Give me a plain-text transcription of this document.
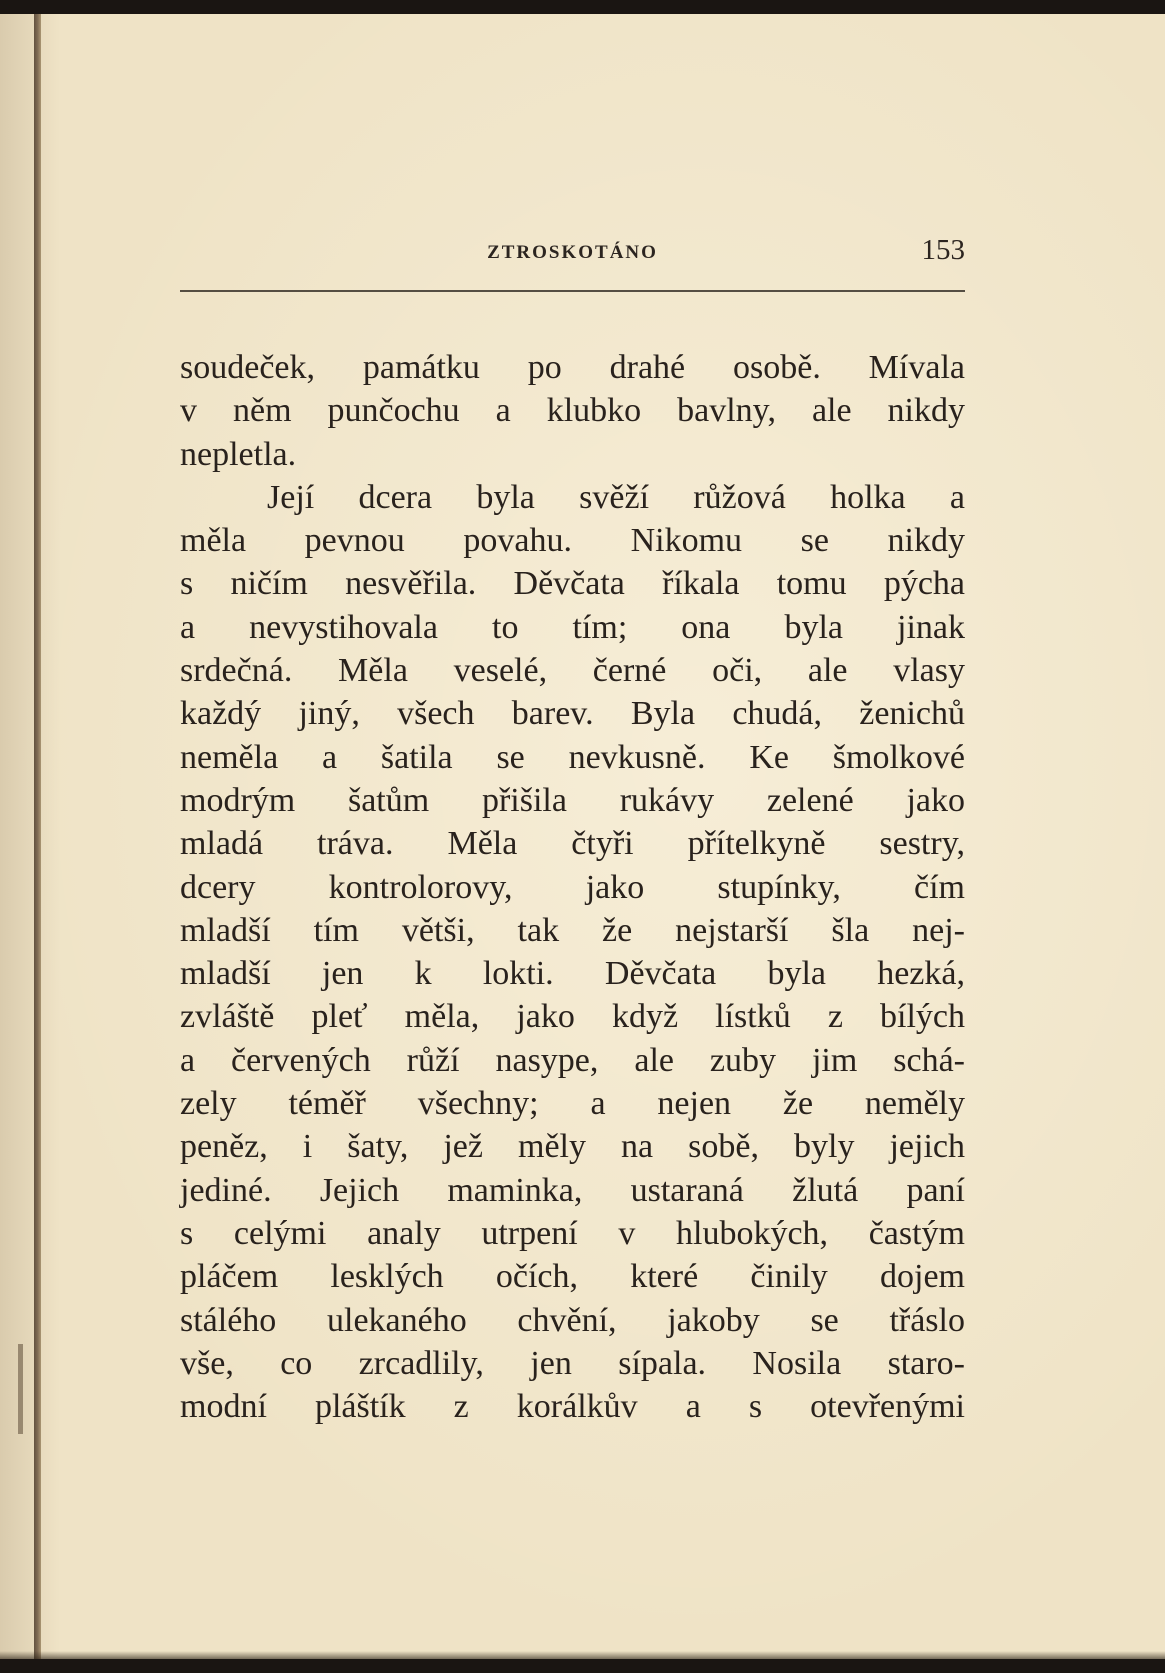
ZTROSKOTÁNO	153
soudeček, památku po drahé osobě. Mívala
v něm punčochu a klubko bavlny, ale nikdy
nepletla.
Její dcera byla svěží růžová holka a
měla pevnou povahu. Nikomu se nikdy
s ničím nesvěřila. Děvčata říkala tomu pýcha
a nevystihovala to tím; ona byla jinak
srdečná. Měla veselé, černé oči, ale vlasy
každý jiný, všech barev. Byla chudá, ženichů
neměla a šatila se nevkusně. Ke šmolkové
modrým šatům přišila rukávy zelené jako
mladá tráva. Měla čtyři přítelkyně sestry,
dcery kontrolorovy, jako stupínky, čím
mladší tím větši, tak že nejstarší šla nej-
mladší jen k lokti. Děvčata byla hezká,
zvláště pleť měla, jako když lístků z bílých
a červených růží nasype, ale zuby jim schá-
zely téměř všechny; a nejen že neměly
peněz, i šaty, jež měly na sobě, byly jejich
jediné. Jejich maminka, ustaraná žlutá paní
s celými analy utrpení v hlubokých, častým
pláčem lesklých očích, které činily dojem
stálého ulekaného chvění, jakoby se třáslo
vše, co zrcadlily, jen sípala. Nosila staro-
modní pláštík z korálkův a s otevřenými
